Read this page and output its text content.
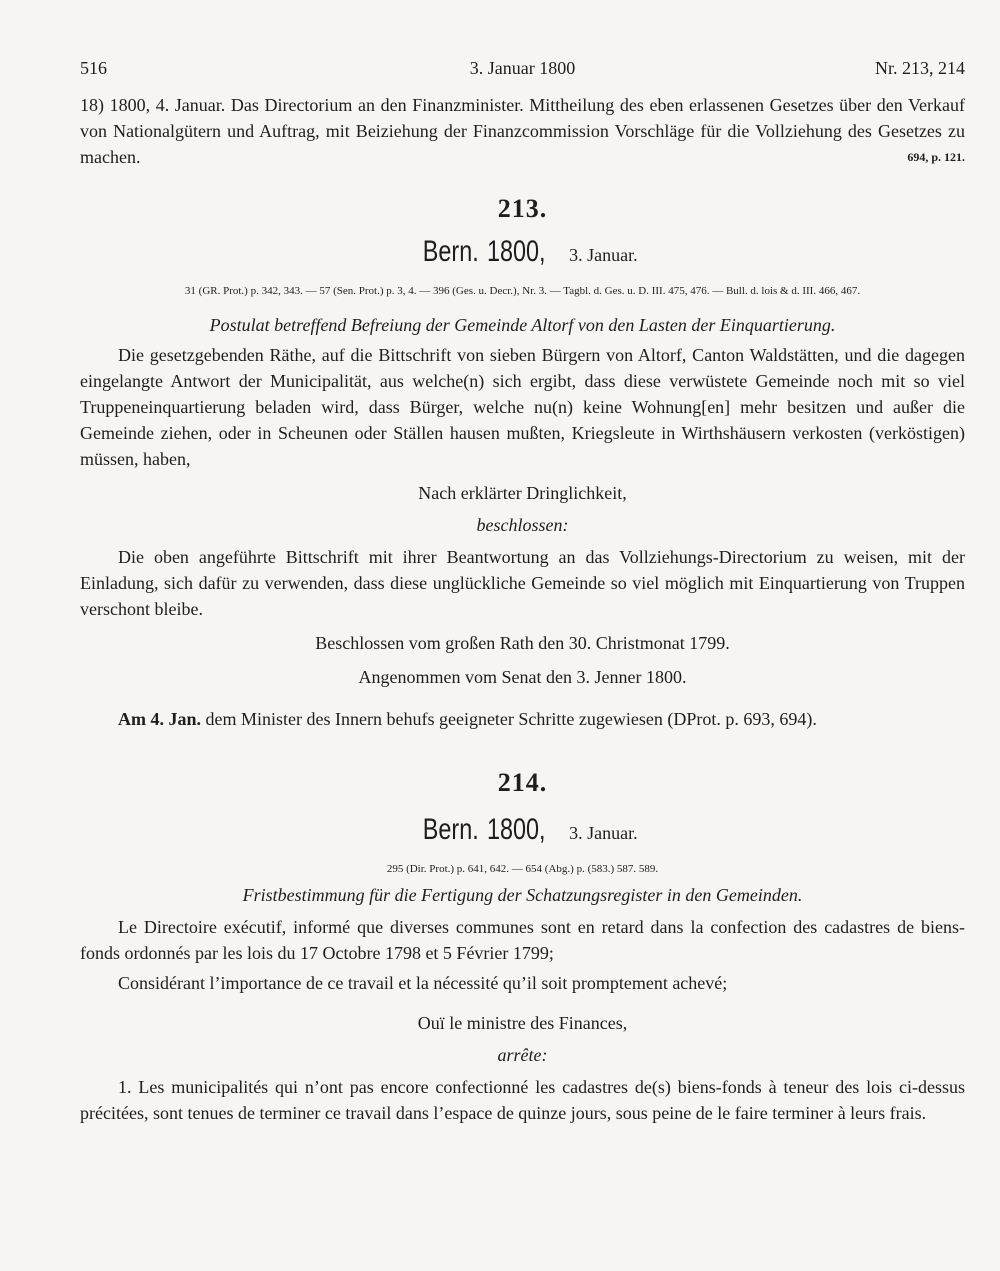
516	3. Januar 1800	Nr. 213, 214
18) 1800, 4. Januar. Das Directorium an den Finanzminister. Mittheilung des eben erlassenen Gesetzes über den Verkauf von Nationalgütern und Auftrag, mit Beiziehung der Finanzcommission Vorschläge für die Vollziehung des Gesetzes zu machen.	694, p. 121.
213.
Bern. 1800, 3. Januar.
31 (GR. Prot.) p. 342, 343. — 57 (Sen. Prot.) p. 3, 4. — 396 (Ges. u. Decr.), Nr. 3. — Tagbl. d. Ges. u. D. III. 475, 476. — Bull. d. lois & d. III. 466, 467.
Postulat betreffend Befreiung der Gemeinde Altorf von den Lasten der Einquartierung.
Die gesetzgebenden Räthe, auf die Bittschrift von sieben Bürgern von Altorf, Canton Waldstätten, und die dagegen eingelangte Antwort der Municipalität, aus welche(n) sich ergibt, dass diese verwüstete Gemeinde noch mit so viel Truppeneinquartierung beladen wird, dass Bürger, welche nu(n) keine Wohnung[en] mehr besitzen und außer die Gemeinde ziehen, oder in Scheunen oder Ställen hausen mußten, Kriegsleute in Wirthshäusern verkosten (verköstigen) müssen, haben,
Nach erklärter Dringlichkeit,
beschlossen:
Die oben angeführte Bittschrift mit ihrer Beantwortung an das Vollziehungs-Directorium zu weisen, mit der Einladung, sich dafür zu verwenden, dass diese unglückliche Gemeinde so viel möglich mit Einquartierung von Truppen verschont bleibe.
Beschlossen vom großen Rath den 30. Christmonat 1799.
Angenommen vom Senat den 3. Jenner 1800.
Am 4. Jan. dem Minister des Innern behufs geeigneter Schritte zugewiesen (DProt. p. 693, 694).
214.
Bern. 1800, 3. Januar.
295 (Dir. Prot.) p. 641, 642. — 654 (Abg.) p. (583.) 587. 589.
Fristbestimmung für die Fertigung der Schatzungsregister in den Gemeinden.
Le Directoire exécutif, informé que diverses communes sont en retard dans la confection des cadastres de biens-fonds ordonnés par les lois du 17 Octobre 1798 et 5 Février 1799;
Considérant l’importance de ce travail et la nécessité qu’il soit promptement achevé;
Ouï le ministre des Finances,
arrête:
1. Les municipalités qui n’ont pas encore confectionné les cadastres de(s) biens-fonds à teneur des lois ci-dessus précitées, sont tenues de terminer ce travail dans l’espace de quinze jours, sous peine de le faire terminer à leurs frais.
